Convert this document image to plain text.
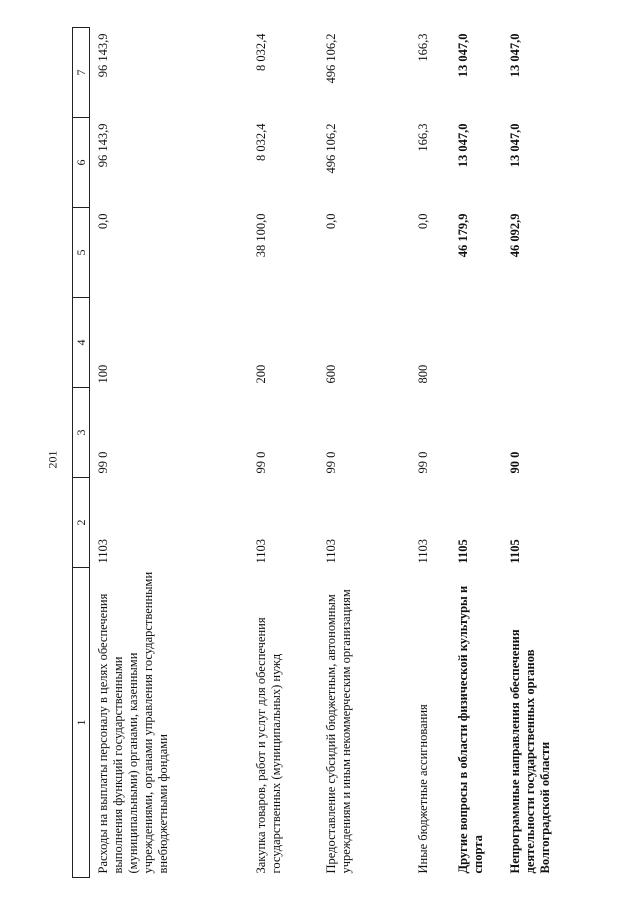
201
1	2	3	4	5	6	7
Расходы на выплаты персоналу в целях обеспечения выполнения функций государственными (муниципальными) органами, казенными учреждениями, органами управления государственными внебюджетными фондами	1103	99 0	100	0,0	96 143,9	96 143,9
Закупка товаров, работ и услуг для обеспечения государственных (муниципальных) нужд	1103	99 0	200	38 100,0	8 032,4	8 032,4
Предоставление субсидий бюджетным, автономным учреждениям и иным некоммерческим организациям	1103	99 0	600	0,0	496 106,2	496 106,2
Иные бюджетные ассигнования	1103	99 0	800	0,0	166,3	166,3
Другие вопросы в области физической культуры и спорта	1105			46 179,9	13 047,0	13 047,0
Непрограммные направления обеспечения деятельности государственных органов Волгоградской области	1105	90 0		46 092,9	13 047,0	13 047,0
